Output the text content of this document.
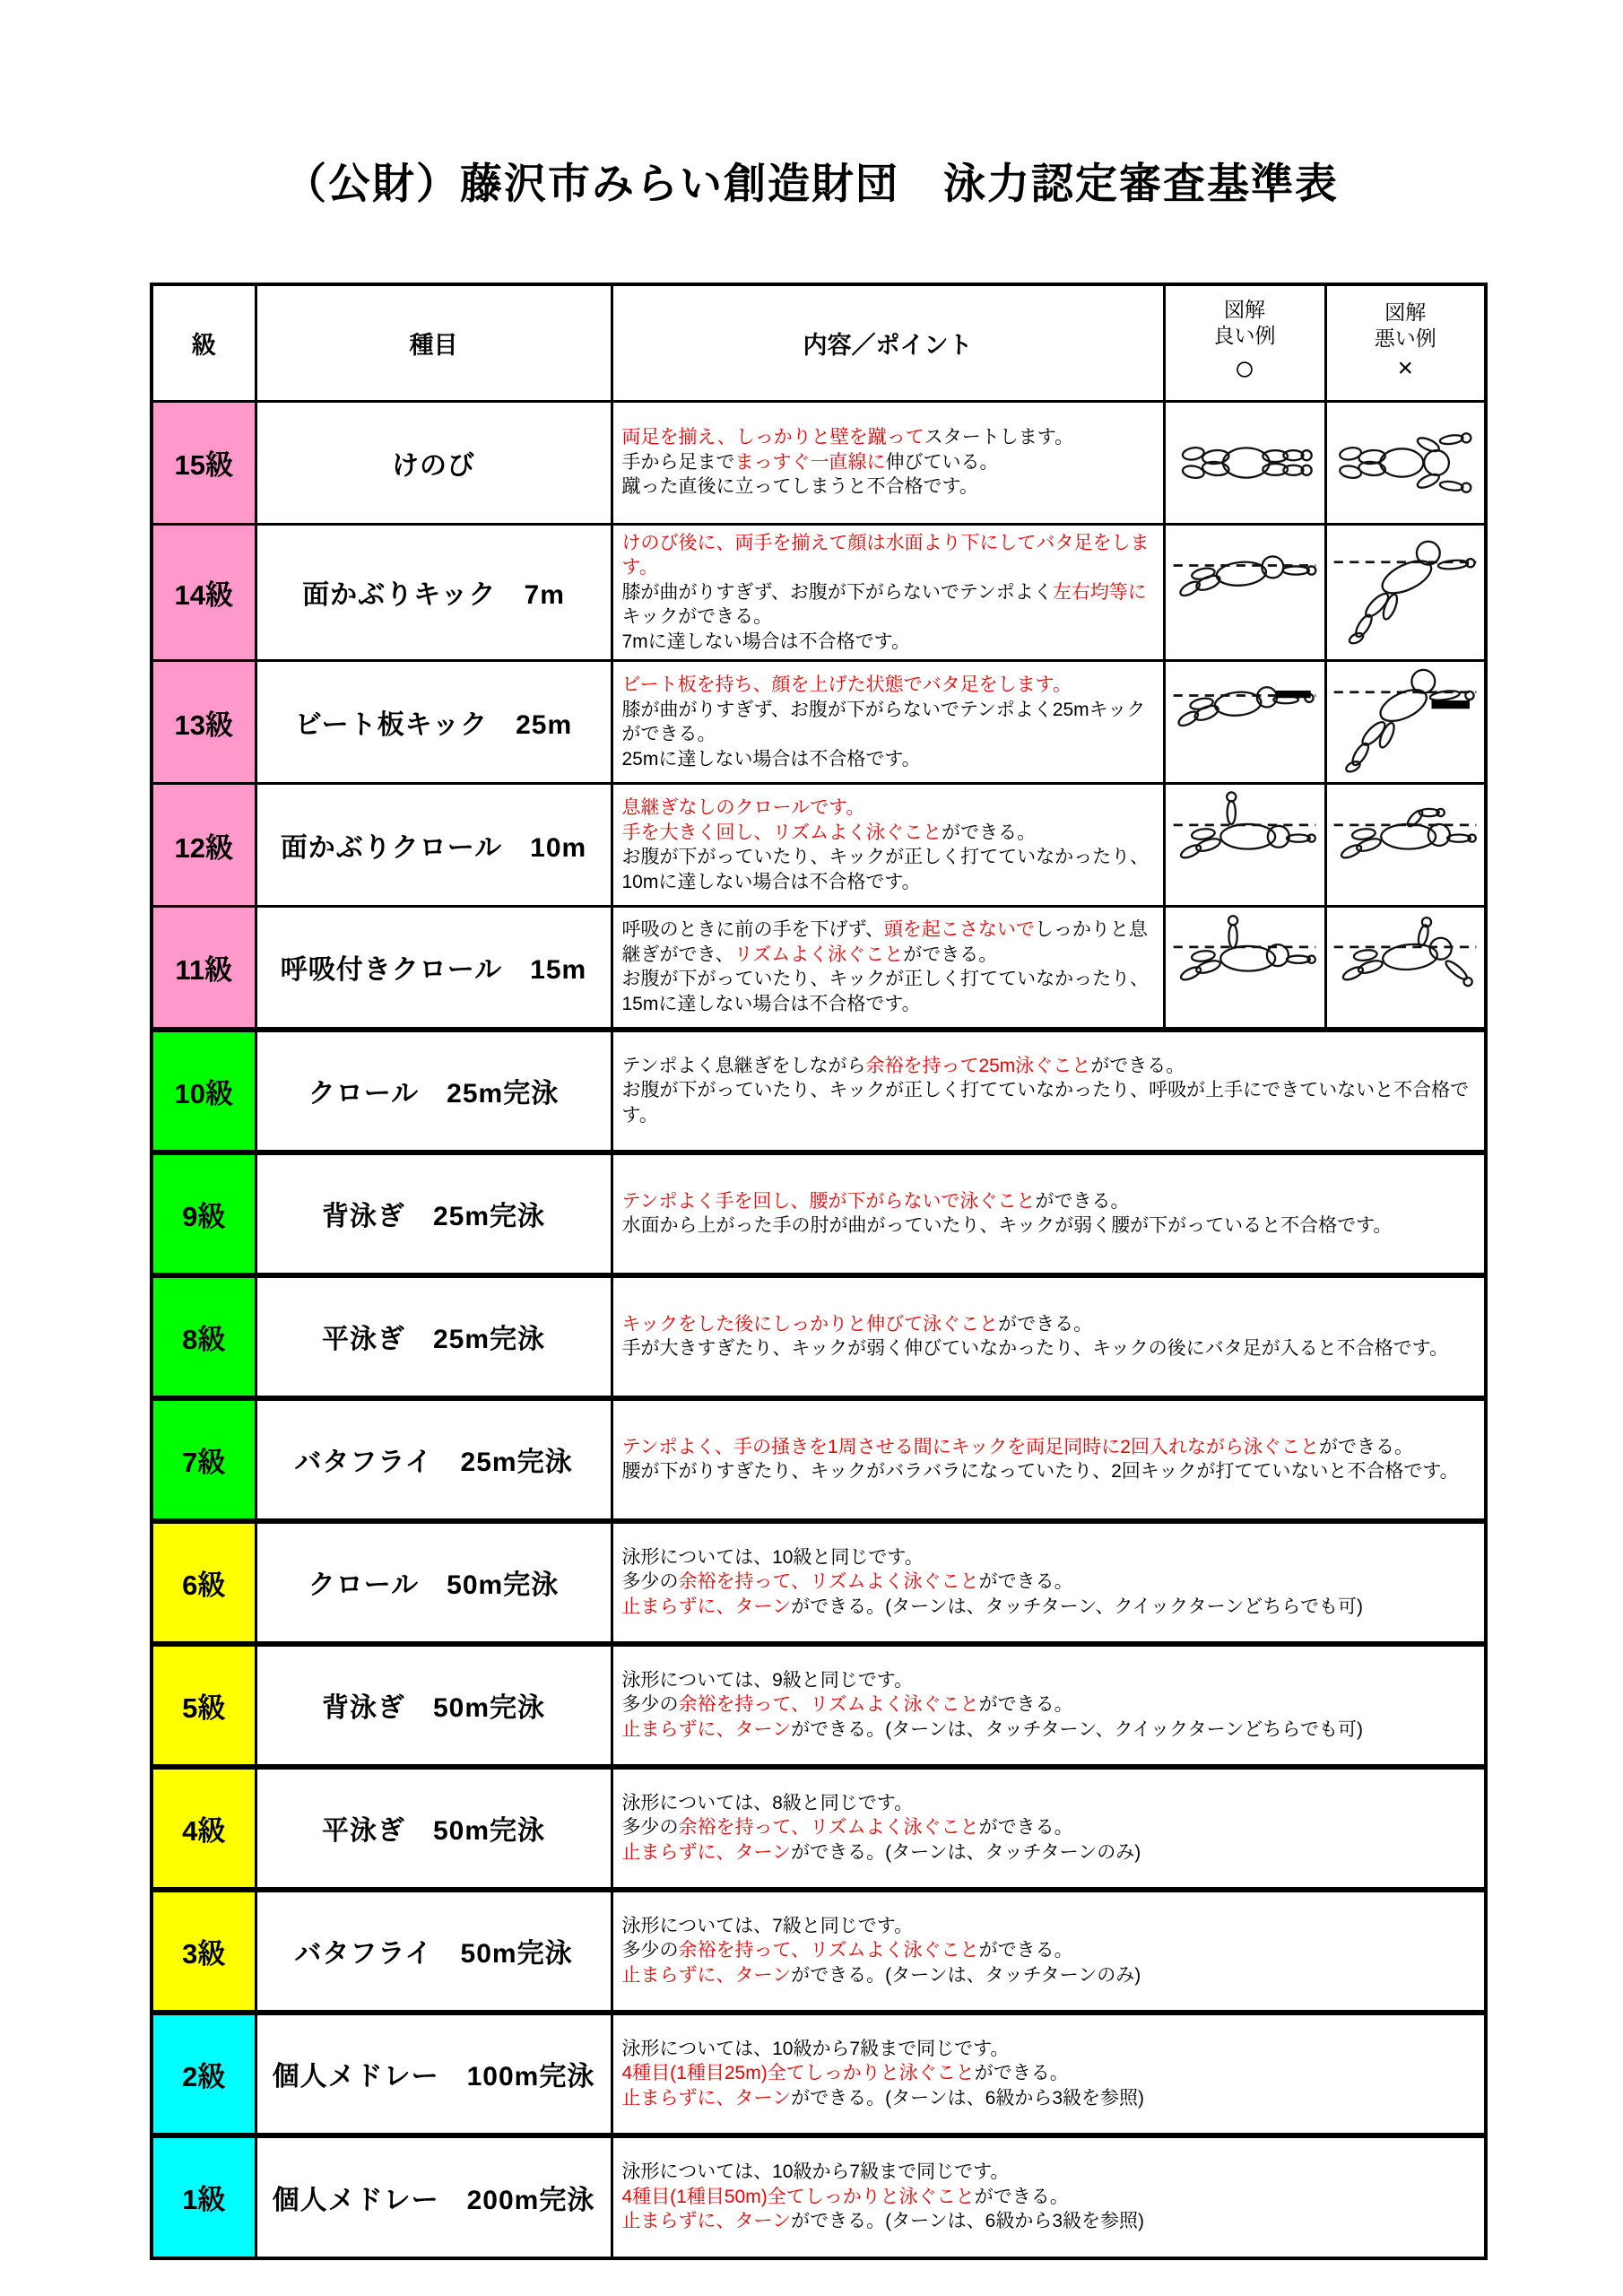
（公財）藤沢市みらい創造財団　泳力認定審査基準表
級	種目	内容／ポイント	
図解
良い例
○

図解
悪い例
×

15級	けのび	両足を揃え、しっかりと壁を蹴ってスタートします。
手から足までまっすぐ一直線に伸びている。
蹴った直後に立ってしまうと不合格です。

14級	面かぶりキック　7m	けのび後に、両手を揃えて顔は水面より下にしてバタ足をします。
膝が曲がりすぎず、お腹が下がらないでテンポよく左右均等にキックができる。
7mに達しない場合は不合格です。

13級	ビート板キック　25m	ビート板を持ち、顔を上げた状態でバタ足をします。
膝が曲がりすぎず、お腹が下がらないでテンポよく25mキックができる。
25mに達しない場合は不合格です。

12級	面かぶりクロール　10m	息継ぎなしのクロールです。
手を大きく回し、リズムよく泳ぐことができる。
お腹が下がっていたり、キックが正しく打てていなかったり、10mに達しない場合は不合格です。

11級	呼吸付きクロール　15m	呼吸のときに前の手を下げず、頭を起こさないでしっかりと息継ぎができ、リズムよく泳ぐことができる。
お腹が下がっていたり、キックが正しく打てていなかったり、15mに達しない場合は不合格です。

10級	クロール　25m完泳	テンポよく息継ぎをしながら余裕を持って25m泳ぐことができる。
お腹が下がっていたり、キックが正しく打てていなかったり、呼吸が上手にできていないと不合格です。		

9級	背泳ぎ　25m完泳	テンポよく手を回し、腰が下がらないで泳ぐことができる。
水面から上がった手の肘が曲がっていたり、キックが弱く腰が下がっていると不合格です。		

8級	平泳ぎ　25m完泳	キックをした後にしっかりと伸びて泳ぐことができる。
手が大きすぎたり、キックが弱く伸びていなかったり、キックの後にバタ足が入ると不合格です。		

7級	バタフライ　25m完泳	テンポよく、手の掻きを1周させる間にキックを両足同時に2回入れながら泳ぐことができる。
腰が下がりすぎたり、キックがバラバラになっていたり、2回キックが打てていないと不合格です。		

6級	クロール　50m完泳	泳形については、10級と同じです。
多少の余裕を持って、リズムよく泳ぐことができる。
止まらずに、ターンができる。(ターンは、タッチターン、クイックターンどちらでも可)		

5級	背泳ぎ　50m完泳	泳形については、9級と同じです。
多少の余裕を持って、リズムよく泳ぐことができる。
止まらずに、ターンができる。(ターンは、タッチターン、クイックターンどちらでも可)		

4級	平泳ぎ　50m完泳	泳形については、8級と同じです。
多少の余裕を持って、リズムよく泳ぐことができる。
止まらずに、ターンができる。(ターンは、タッチターンのみ)		

3級	バタフライ　50m完泳	泳形については、7級と同じです。
多少の余裕を持って、リズムよく泳ぐことができる。
止まらずに、ターンができる。(ターンは、タッチターンのみ)		

2級	個人メドレー　100m完泳	泳形については、10級から7級まで同じです。
4種目(1種目25m)全てしっかりと泳ぐことができる。
止まらずに、ターンができる。(ターンは、6級から3級を参照)		

1級	個人メドレー　200m完泳	泳形については、10級から7級まで同じです。
4種目(1種目50m)全てしっかりと泳ぐことができる。
止まらずに、ターンができる。(ターンは、6級から3級を参照)		
